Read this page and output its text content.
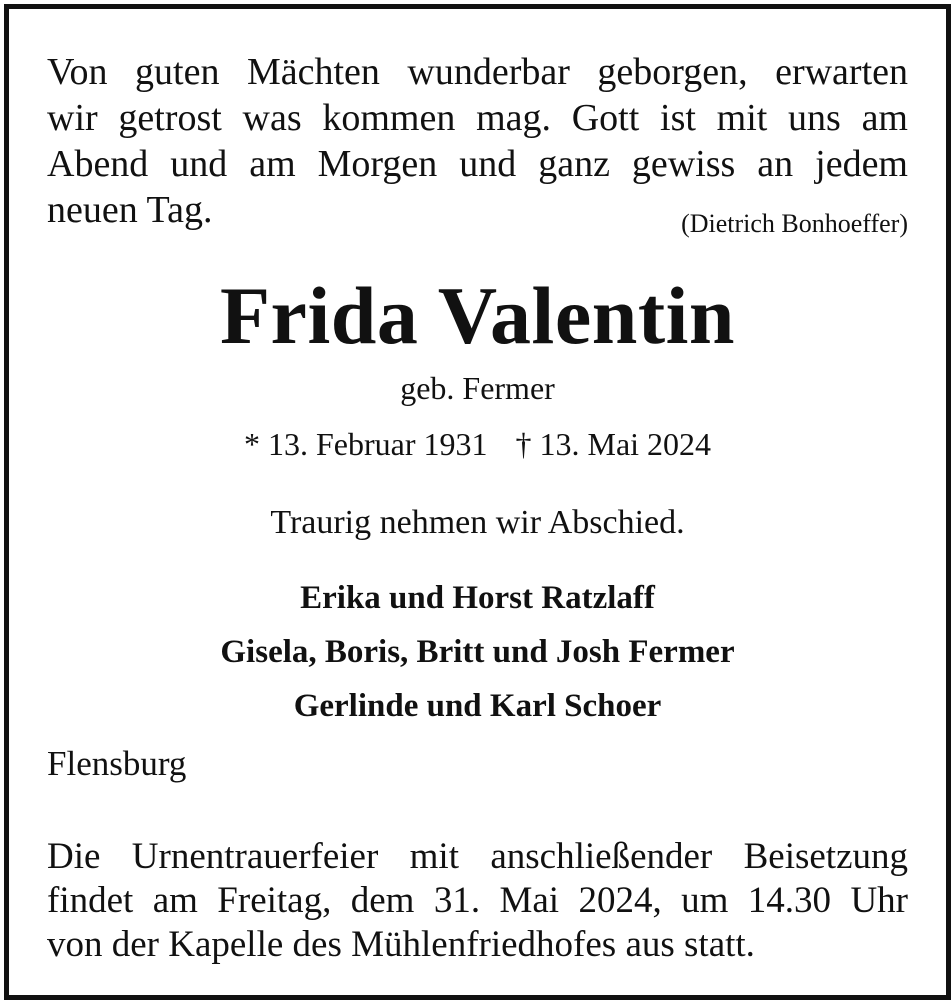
Von guten Mächten wunderbar geborgen, erwarten
wir getrost was kommen mag. Gott ist mit uns am
Abend und am Morgen und ganz gewiss an jedem
neuen Tag.	(Dietrich Bonhoeffer)
Frida Valentin
geb. Fermer
* 13. Februar 1931 † 13. Mai 2024
Traurig nehmen wir Abschied.
Erika und Horst Ratzlaff
Gisela, Boris, Britt und Josh Fermer
Gerlinde und Karl Schoer
Flensburg
Die Urnentrauerfeier mit anschließender Beisetzung
findet am Freitag, dem 31. Mai 2024, um 14.30 Uhr
von der Kapelle des Mühlenfriedhofes aus statt.
